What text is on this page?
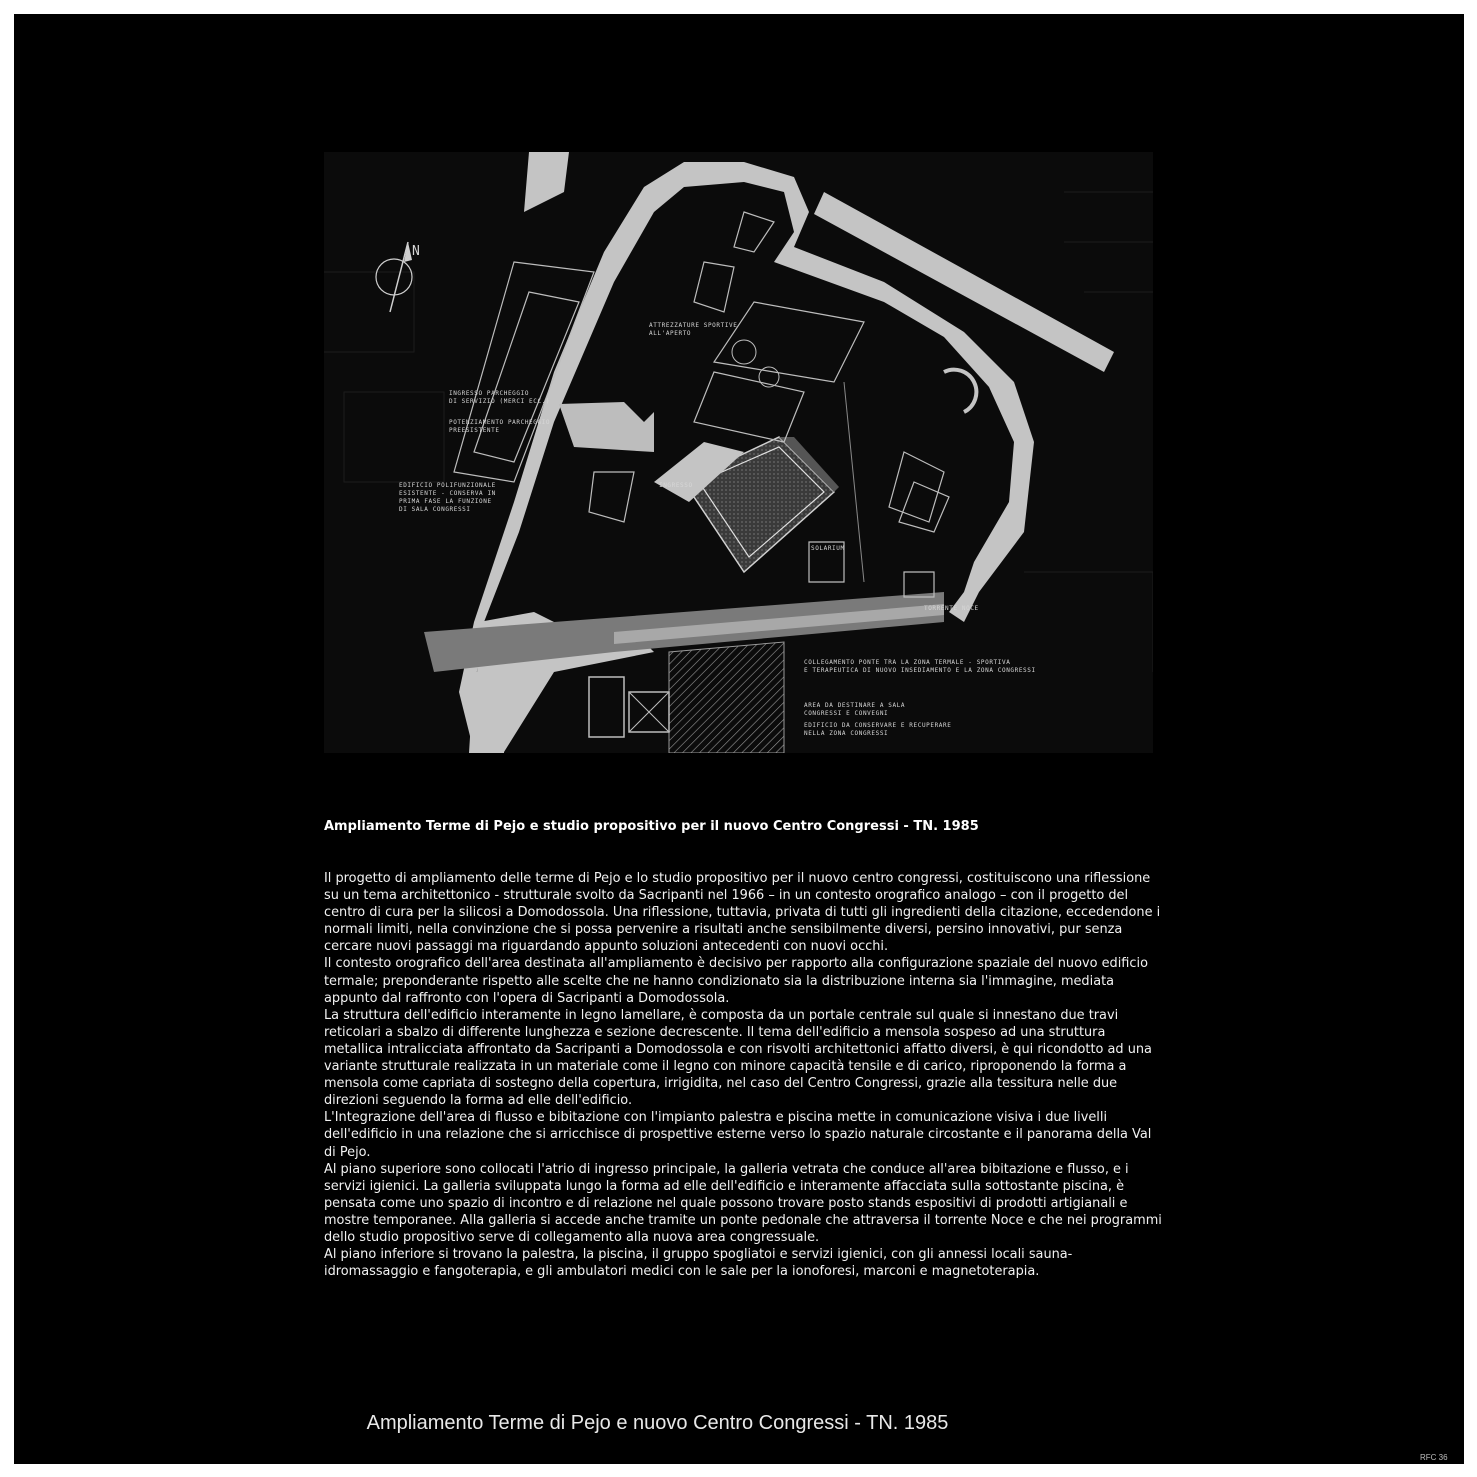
N
ATTREZZATURE SPORTIVE
ALL'APERTO
INGRESSO PARCHEGGIO
DI SERVIZIO (MERCI ECC.)
POTENZIAMENTO PARCHEGGIO
PREESISTENTE
EDIFICIO POLIFUNZIONALE
ESISTENTE - CONSERVA IN
PRIMA FASE LA FUNZIONE
DI SALA CONGRESSI
INGRESSO
SOLARIUM
TORRENTE NOCE
COLLEGAMENTO PONTE TRA LA ZONA TERMALE - SPORTIVA
E TERAPEUTICA DI NUOVO INSEDIAMENTO E LA ZONA CONGRESSI
AREA DA DESTINARE A SALA
CONGRESSI E CONVEGNI
EDIFICIO DA CONSERVARE E RECUPERARE
NELLA ZONA CONGRESSI
Ampliamento Terme di Pejo e studio propositivo per il nuovo Centro Congressi - TN. 1985

Il progetto di ampliamento delle terme di Pejo e lo studio propositivo per il nuovo centro congressi, costituiscono una riflessione su un tema architettonico - strutturale svolto da Sacripanti nel 1966 – in un contesto orografico analogo – con il progetto del centro di cura per la silicosi a Domodossola. Una riflessione, tuttavia, privata di tutti gli ingredienti della citazione, eccedendone i normali limiti, nella convinzione che si possa pervenire a risultati anche sensibilmente diversi, persino innovativi, pur senza cercare nuovi passaggi ma riguardando appunto soluzioni antecedenti con nuovi occhi.

Il contesto orografico dell'area destinata all'ampliamento è decisivo per rapporto alla configurazione spaziale del nuovo edificio termale; preponderante rispetto alle scelte che ne hanno condizionato sia la distribuzione interna sia l'immagine, mediata appunto dal raffronto con l'opera di Sacripanti a Domodossola.

La struttura dell'edificio interamente in legno lamellare, è composta da un portale centrale sul quale si innestano due travi reticolari a sbalzo di differente lunghezza e sezione decrescente. Il tema dell'edificio a mensola sospeso ad una struttura metallica intralicciata affrontato da Sacripanti a Domodossola e con risvolti architettonici affatto diversi, è qui ricondotto ad una variante strutturale realizzata in un materiale come il legno con minore capacità tensile e di carico, riproponendo la forma a mensola come capriata di sostegno della copertura, irrigidita, nel caso del Centro Congressi, grazie alla tessitura nelle due direzioni seguendo la forma ad elle dell'edificio.

L'Integrazione dell'area di flusso e bibitazione con l'impianto palestra e piscina mette in comunicazione visiva i due livelli dell'edificio in una relazione che si arricchisce di prospettive esterne verso lo spazio naturale circostante e il panorama della Val di Pejo.

Al piano superiore sono collocati l'atrio di ingresso principale, la galleria vetrata che conduce all'area bibitazione e flusso, e i servizi igienici. La galleria sviluppata lungo la forma ad elle dell'edificio e interamente affacciata sulla sottostante piscina, è pensata come uno spazio di incontro e di relazione nel quale possono trovare posto stands espositivi di prodotti artigianali e mostre temporanee. Alla galleria si accede anche tramite un ponte pedonale che attraversa il torrente Noce e che nei programmi dello studio propositivo serve di collegamento alla nuova area congressuale.

Al piano inferiore si trovano la palestra, la piscina, il gruppo spogliatoi e servizi igienici, con gli annessi locali sauna-idromassaggio e fangoterapia, e gli ambulatori medici con le sale per la ionoforesi, marconi e magnetoterapia.

Ampliamento Terme di Pejo e nuovo Centro Congressi - TN. 1985
RFC 36
